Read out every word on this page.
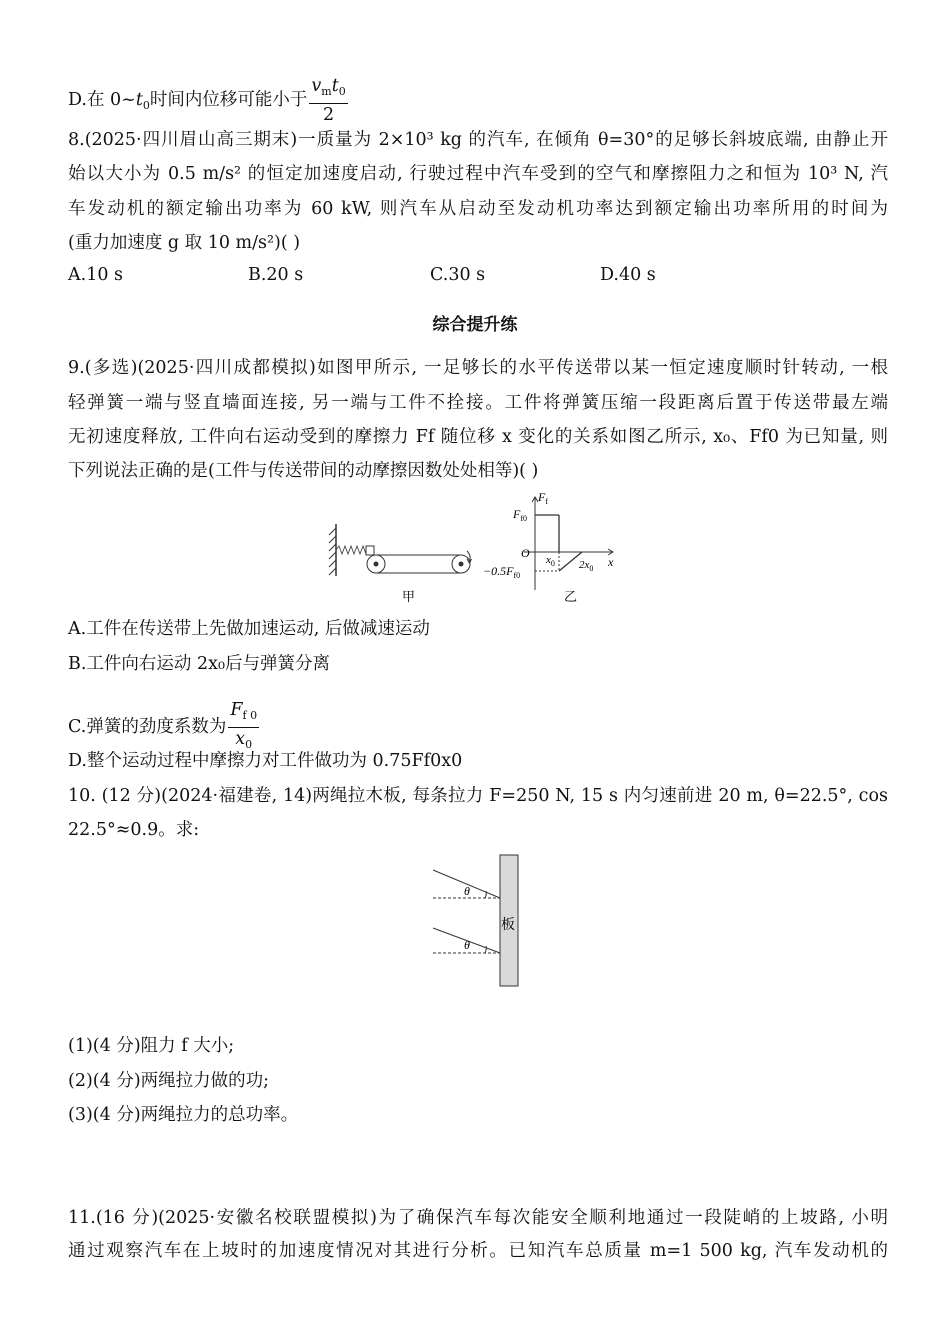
D.在 $0\sim t_0$时间内位移可能小于 $\frac{v_mt_0}{2}$
8.(2025·四川眉山高三期末)一质量为 2×10³ kg 的汽车, 在倾角 θ=30°的足够长斜坡底端, 由静止开
始以大小为 0.5 m/s² 的恒定加速度启动, 行驶过程中汽车受到的空气和摩擦阻力之和恒为 10³ N, 汽
车发动机的额定输出功率为 60 kW, 则汽车从启动至发动机功率达到额定输出功率所用的时间为
(重力加速度 g 取 10 m/s²)( )
A.10 s	B.20 s	C.30 s	D.40 s
综合提升练
9.(多选)(2025·四川成都模拟)如图甲所示, 一足够长的水平传送带以某一恒定速度顺时针转动, 一根
轻弹簧一端与竖直墙面连接, 另一端与工件不拴接。工件将弹簧压缩一段距离后置于传送带最左端
无初速度释放, 工件向右运动受到的摩擦力 Ff 随位移 x 变化的关系如图乙所示, x₀、Ff0 为已知量, 则
下列说法正确的是(工件与传送带间的动摩擦因数处处相等)( )
甲
$F_f$
x
O
$F_{f0}$
$-0.5F_{f0}$
$x_0$ $2x_0$
乙
A.工件在传送带上先做加速运动, 后做减速运动
B.工件向右运动 2x₀后与弹簧分离
C.弹簧的劲度系数为 $\frac{F_{f 0}}{x_0}$
D.整个运动过程中摩擦力对工件做功为 0.75Ff0x0
10. (12 分)(2024·福建卷, 14)两绳拉木板, 每条拉力 F=250 N, 15 s 内匀速前进 20 m, θ=22.5°, cos
22.5°≈0.9。求:
板
θ
θ
(1)(4 分)阻力 f 大小;
(2)(4 分)两绳拉力做的功;
(3)(4 分)两绳拉力的总功率。
11.(16 分)(2025·安徽名校联盟模拟)为了确保汽车每次能安全顺利地通过一段陡峭的上坡路, 小明
通过观察汽车在上坡时的加速度情况对其进行分析。已知汽车总质量 m=1 500 kg, 汽车发动机的
